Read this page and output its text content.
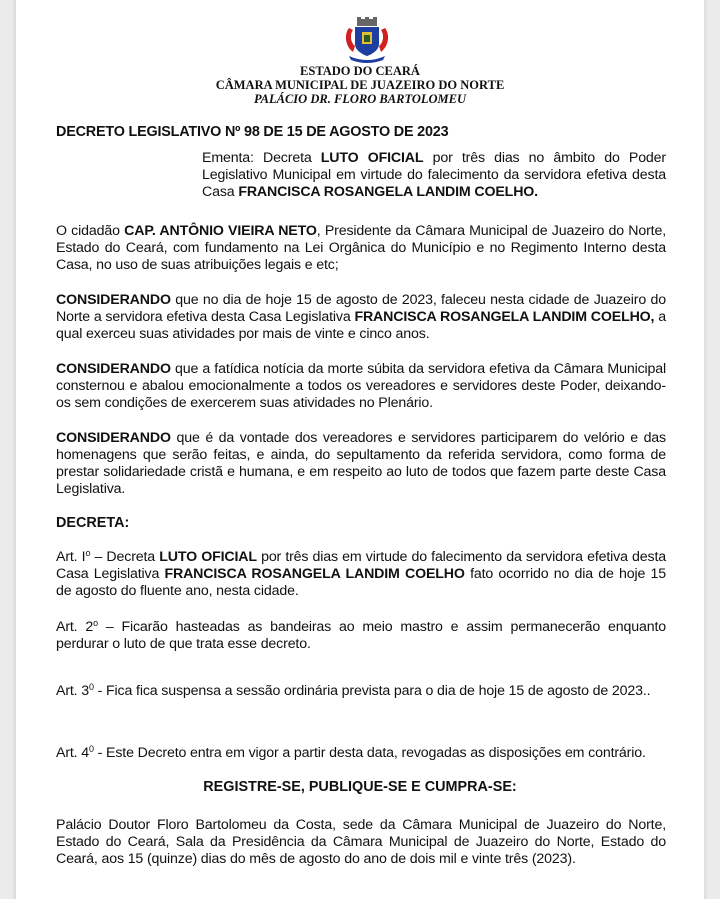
ESTADO DO CEARÁ
CÂMARA MUNICIPAL DE JUAZEIRO DO NORTE
PALÁCIO DR. FLORO BARTOLOMEU
DECRETO LEGISLATIVO Nº 98 DE 15 DE AGOSTO DE 2023
Ementa: Decreta LUTO OFICIAL por três dias no âmbito do Poder Legislativo Municipal em virtude do falecimento da servidora efetiva desta Casa FRANCISCA ROSANGELA LANDIM COELHO.
O cidadão CAP. ANTÔNIO VIEIRA NETO, Presidente da Câmara Municipal de Juazeiro do Norte, Estado do Ceará, com fundamento na Lei Orgânica do Município e no Regimento Interno desta Casa, no uso de suas atribuições legais e etc;
CONSIDERANDO que no dia de hoje 15 de agosto de 2023, faleceu nesta cidade de Juazeiro do Norte a servidora efetiva desta Casa Legislativa FRANCISCA ROSANGELA LANDIM COELHO, a qual exerceu suas atividades por mais de vinte e cinco anos.
CONSIDERANDO que a fatídica notícia da morte súbita da servidora efetiva da Câmara Municipal consternou e abalou emocionalmente a todos os vereadores e servidores deste Poder, deixando-os sem condições de exercerem suas atividades no Plenário.
CONSIDERANDO que é da vontade dos vereadores e servidores participarem do velório e das homenagens que serão feitas, e ainda, do sepultamento da referida servidora, como forma de prestar solidariedade cristã e humana, e em respeito ao luto de todos que fazem parte deste Casa Legislativa.
DECRETA:
Art. $I^o$ – Decreta LUTO OFICIAL por três dias em virtude do falecimento da servidora efetiva desta Casa Legislativa FRANCISCA ROSANGELA LANDIM COELHO fato ocorrido no dia de hoje 15 de agosto do fluente ano, nesta cidade.
Art. 2$^o$ – Ficarão hasteadas as bandeiras ao meio mastro e assim permanecerão enquanto perdurar o luto de que trata esse decreto.
Art. $3^0$ - Fica fica suspensa a sessão ordinária prevista para o dia de hoje 15 de agosto de 2023..
Art. $4^0$ - Este Decreto entra em vigor a partir desta data, revogadas as disposições em contrário.
REGISTRE-SE, PUBLIQUE-SE E CUMPRA-SE:
Palácio Doutor Floro Bartolomeu da Costa, sede da Câmara Municipal de Juazeiro do Norte, Estado do Ceará, Sala da Presidência da Câmara Municipal de Juazeiro do Norte, Estado do Ceará, aos 15 (quinze) dias do mês de agosto do ano de dois mil e vinte três (2023).
